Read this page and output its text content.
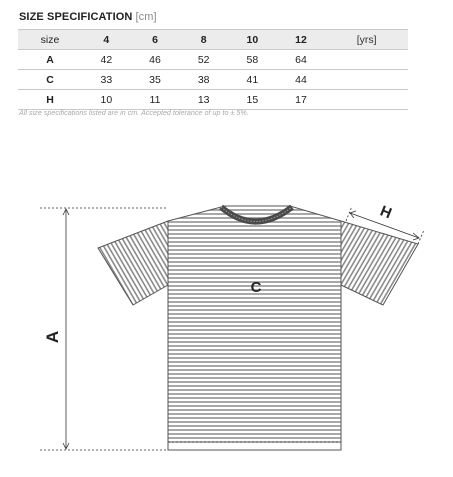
SIZE SPECIFICATION [cm]
size	4	6	8	10	12	[yrs]
A	42	46	52	58	64	
C	33	35	38	41	44	
H	10	11	13	15	17	
All size specifications listed are in cm. Accepted tolerance of up to ± 5%.
A
C
H
